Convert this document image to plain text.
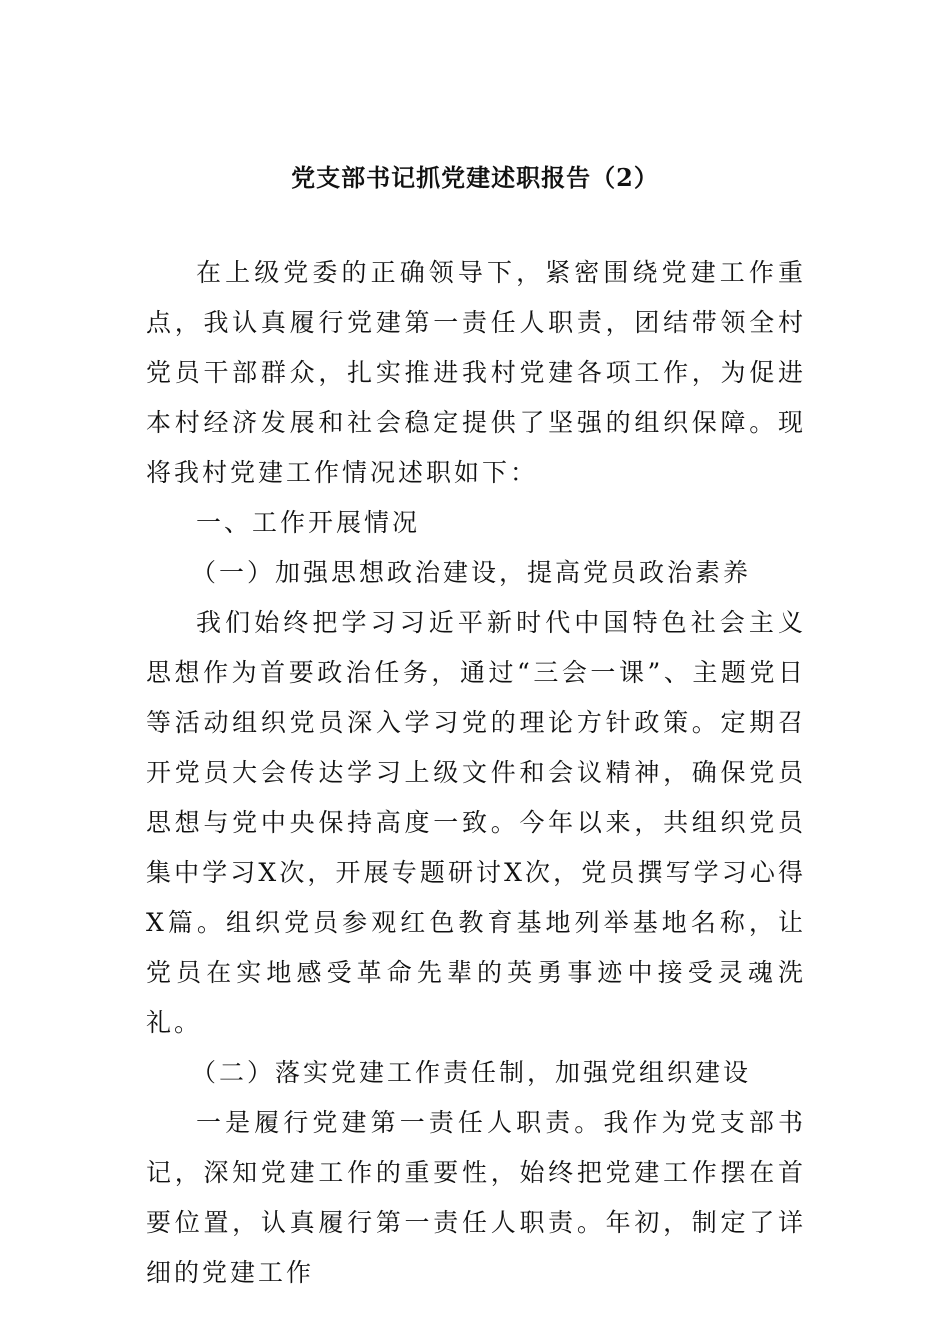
党支部书记抓党建述职报告（2）

在上级党委的正确领导下，紧密围绕党建工作重点，我认真履行党建第一责任人职责，团结带领全村党员干部群众，扎实推进我村党建各项工作，为促进本村经济发展和社会稳定提供了坚强的组织保障。现将我村党建工作情况述职如下：

一、工作开展情况

（一）加强思想政治建设，提高党员政治素养

我们始终把学习习近平新时代中国特色社会主义思想作为首要政治任务，通过“三会一课”、主题党日等活动组织党员深入学习党的理论方针政策。定期召开党员大会传达学习上级文件和会议精神，确保党员思想与党中央保持高度一致。今年以来，共组织党员集中学习X次，开展专题研讨X次，党员撰写学习心得X篇。组织党员参观红色教育基地列举基地名称，让党员在实地感受革命先辈的英勇事迹中接受灵魂洗礼。

（二）落实党建工作责任制，加强党组织建设

一是履行党建第一责任人职责。我作为党支部书记，深知党建工作的重要性，始终把党建工作摆在首要位置，认真履行第一责任人职责。年初，制定了详细的党建工作
